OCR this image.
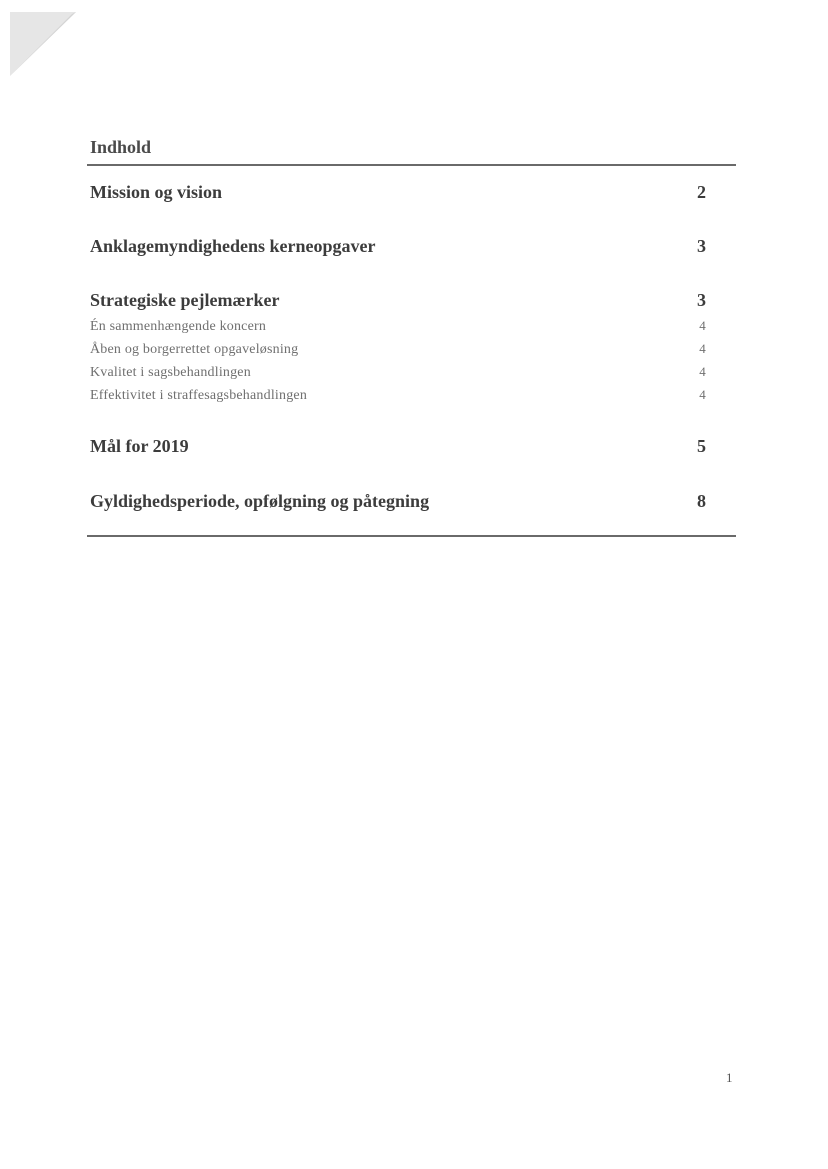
Indhold
Mission og vision	2
Anklagemyndighedens kerneopgaver	3
Strategiske pejlemærker	3
Én sammenhængende koncern	4
Åben og borgerrettet opgaveløsning	4
Kvalitet i sagsbehandlingen	4
Effektivitet i straffesagsbehandlingen	4
Mål for 2019	5
Gyldighedsperiode, opfølgning og påtegning	8
1
